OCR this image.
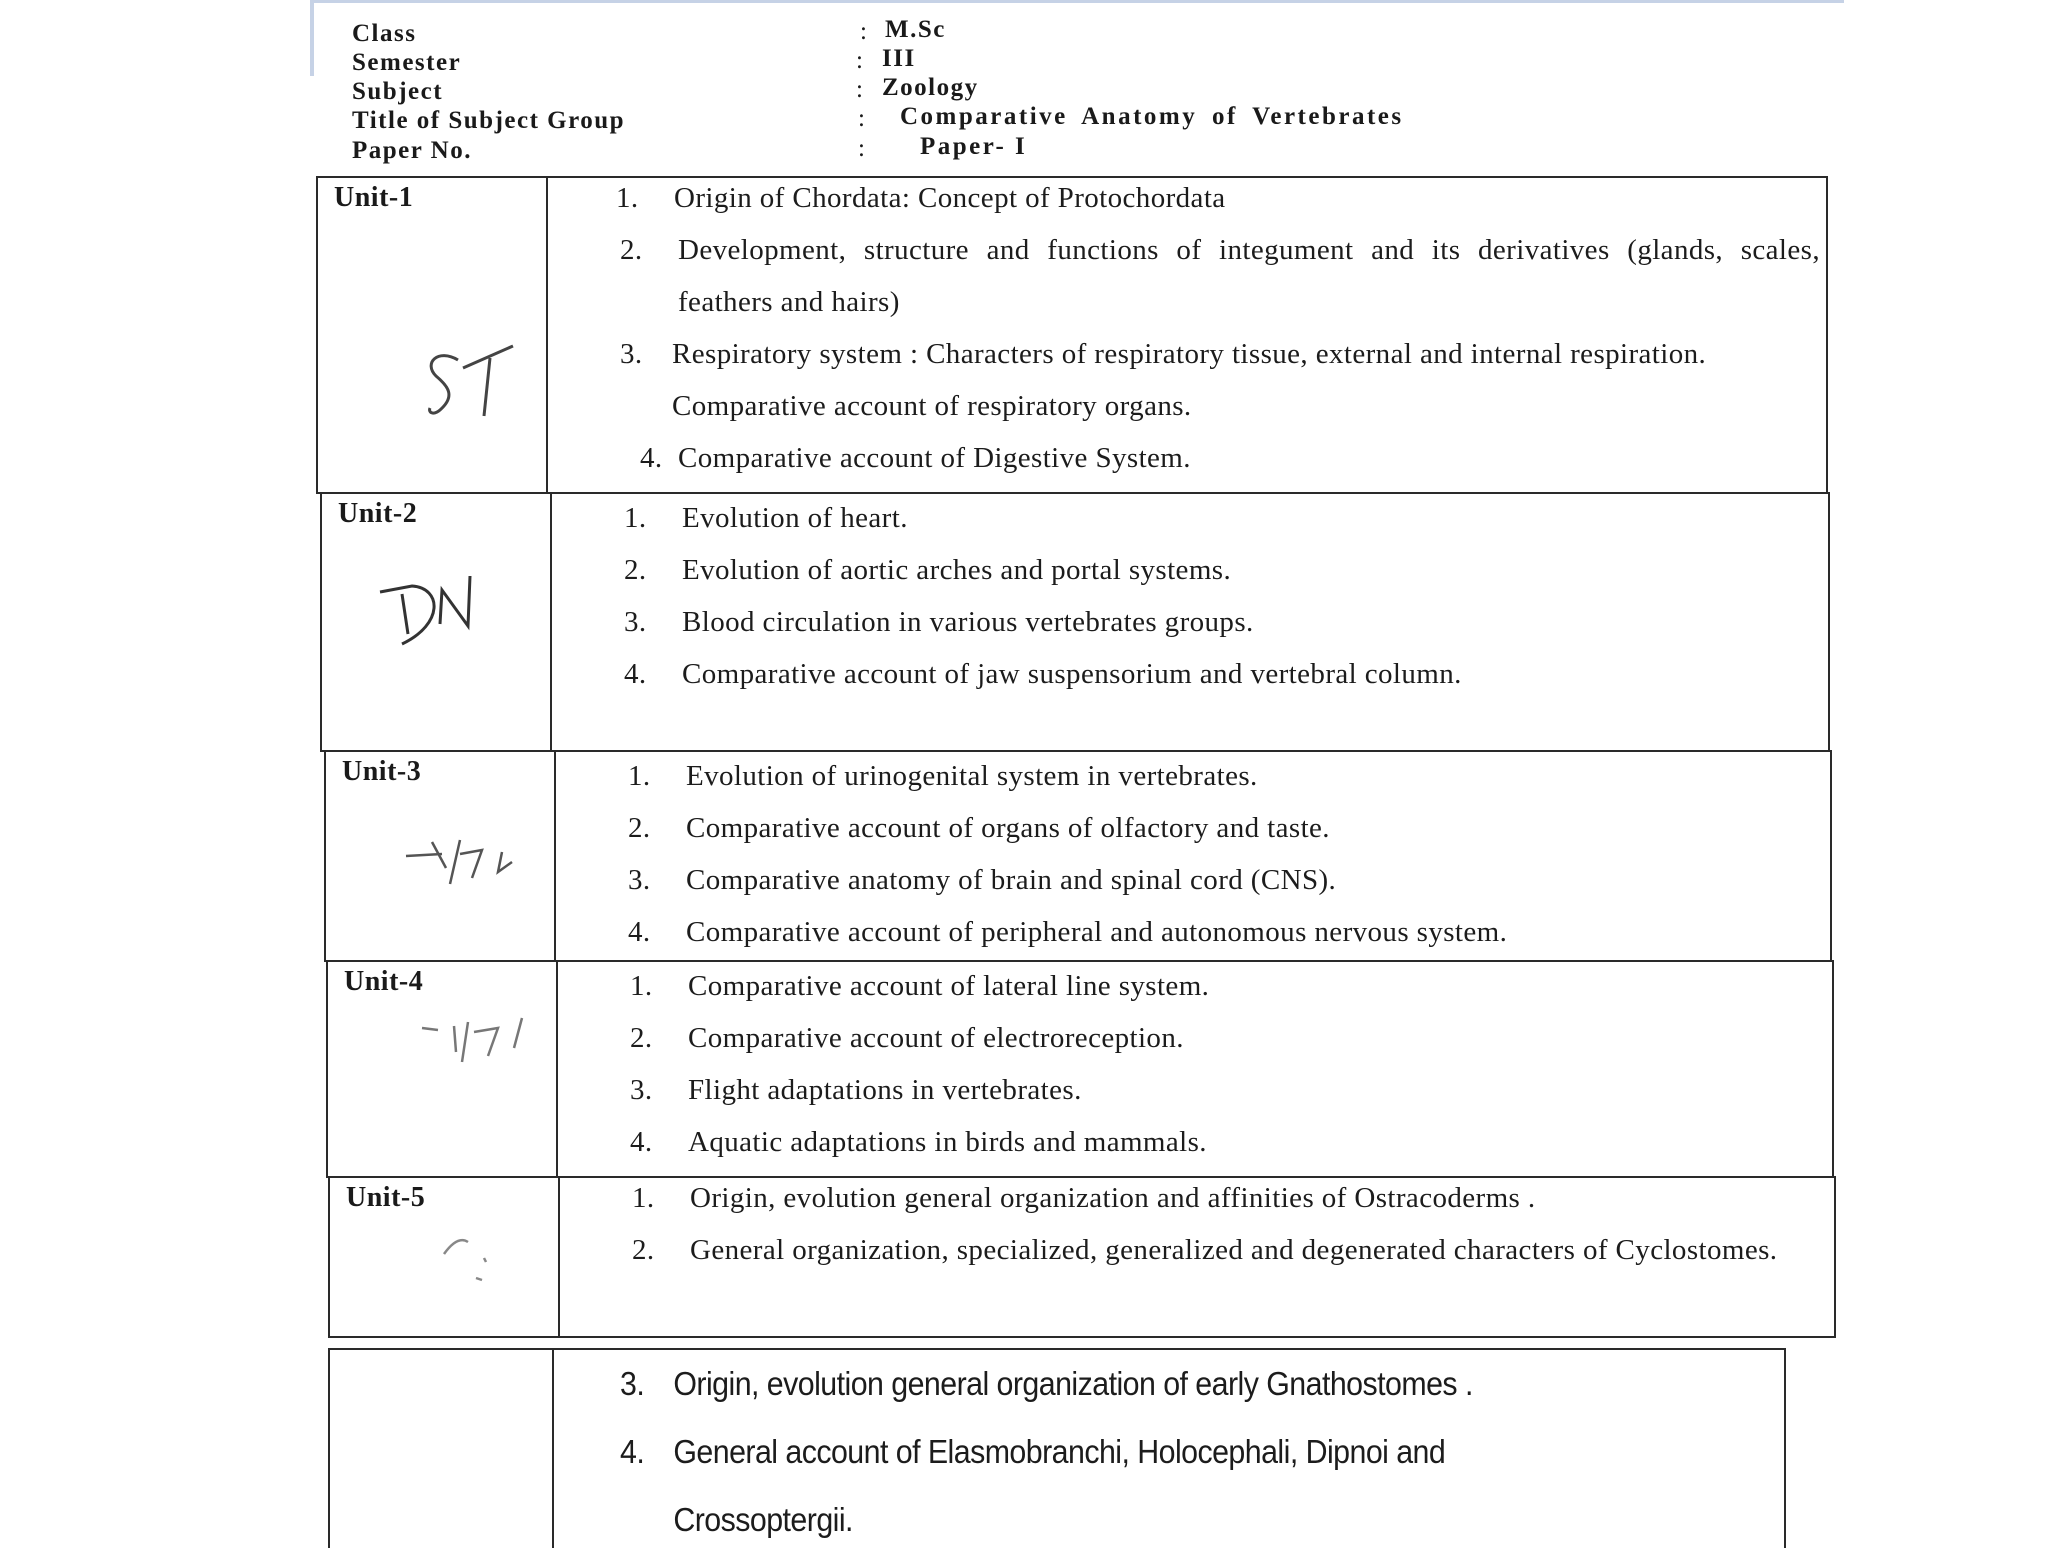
Class	: M.Sc
Semester	: III
Subject	: Zoology
Title of Subject Group	: Comparative Anatomy of Vertebrates
Paper No.	: Paper- I
Unit-1	1.	Origin of Chordata: Concept of Protochordata
2.	Development, structure and functions of integument and its derivatives (glands, scales, feathers and hairs)
3.	Respiratory system : Characters of respiratory tissue, external and internal respiration. Comparative account of respiratory organs.
4. Comparative account of Digestive System.
Unit-2	1.	Evolution of heart.
2.	Evolution of aortic arches and portal systems.
3.	Blood circulation in various vertebrates groups.
4.	Comparative account of jaw suspensorium and vertebral column.
Unit-3	1.	Evolution of urinogenital system in vertebrates.
2.	Comparative account of organs of olfactory and taste.
3.	Comparative anatomy of brain and spinal cord (CNS).
4.	Comparative account of peripheral and autonomous nervous system.
Unit-4	1.	Comparative account of lateral line system.
2.	Comparative account of electroreception.
3.	Flight adaptations in vertebrates.
4.	Aquatic adaptations in birds and mammals.
Unit-5	1.	Origin, evolution general organization and affinities of Ostracoderms .
2.	General organization, specialized, generalized and degenerated characters of Cyclostomes.
3. Origin, evolution general organization of early Gnathostomes .
4. General account of Elasmobranchi, Holocephali, Dipnoi and Crossoptergii.
